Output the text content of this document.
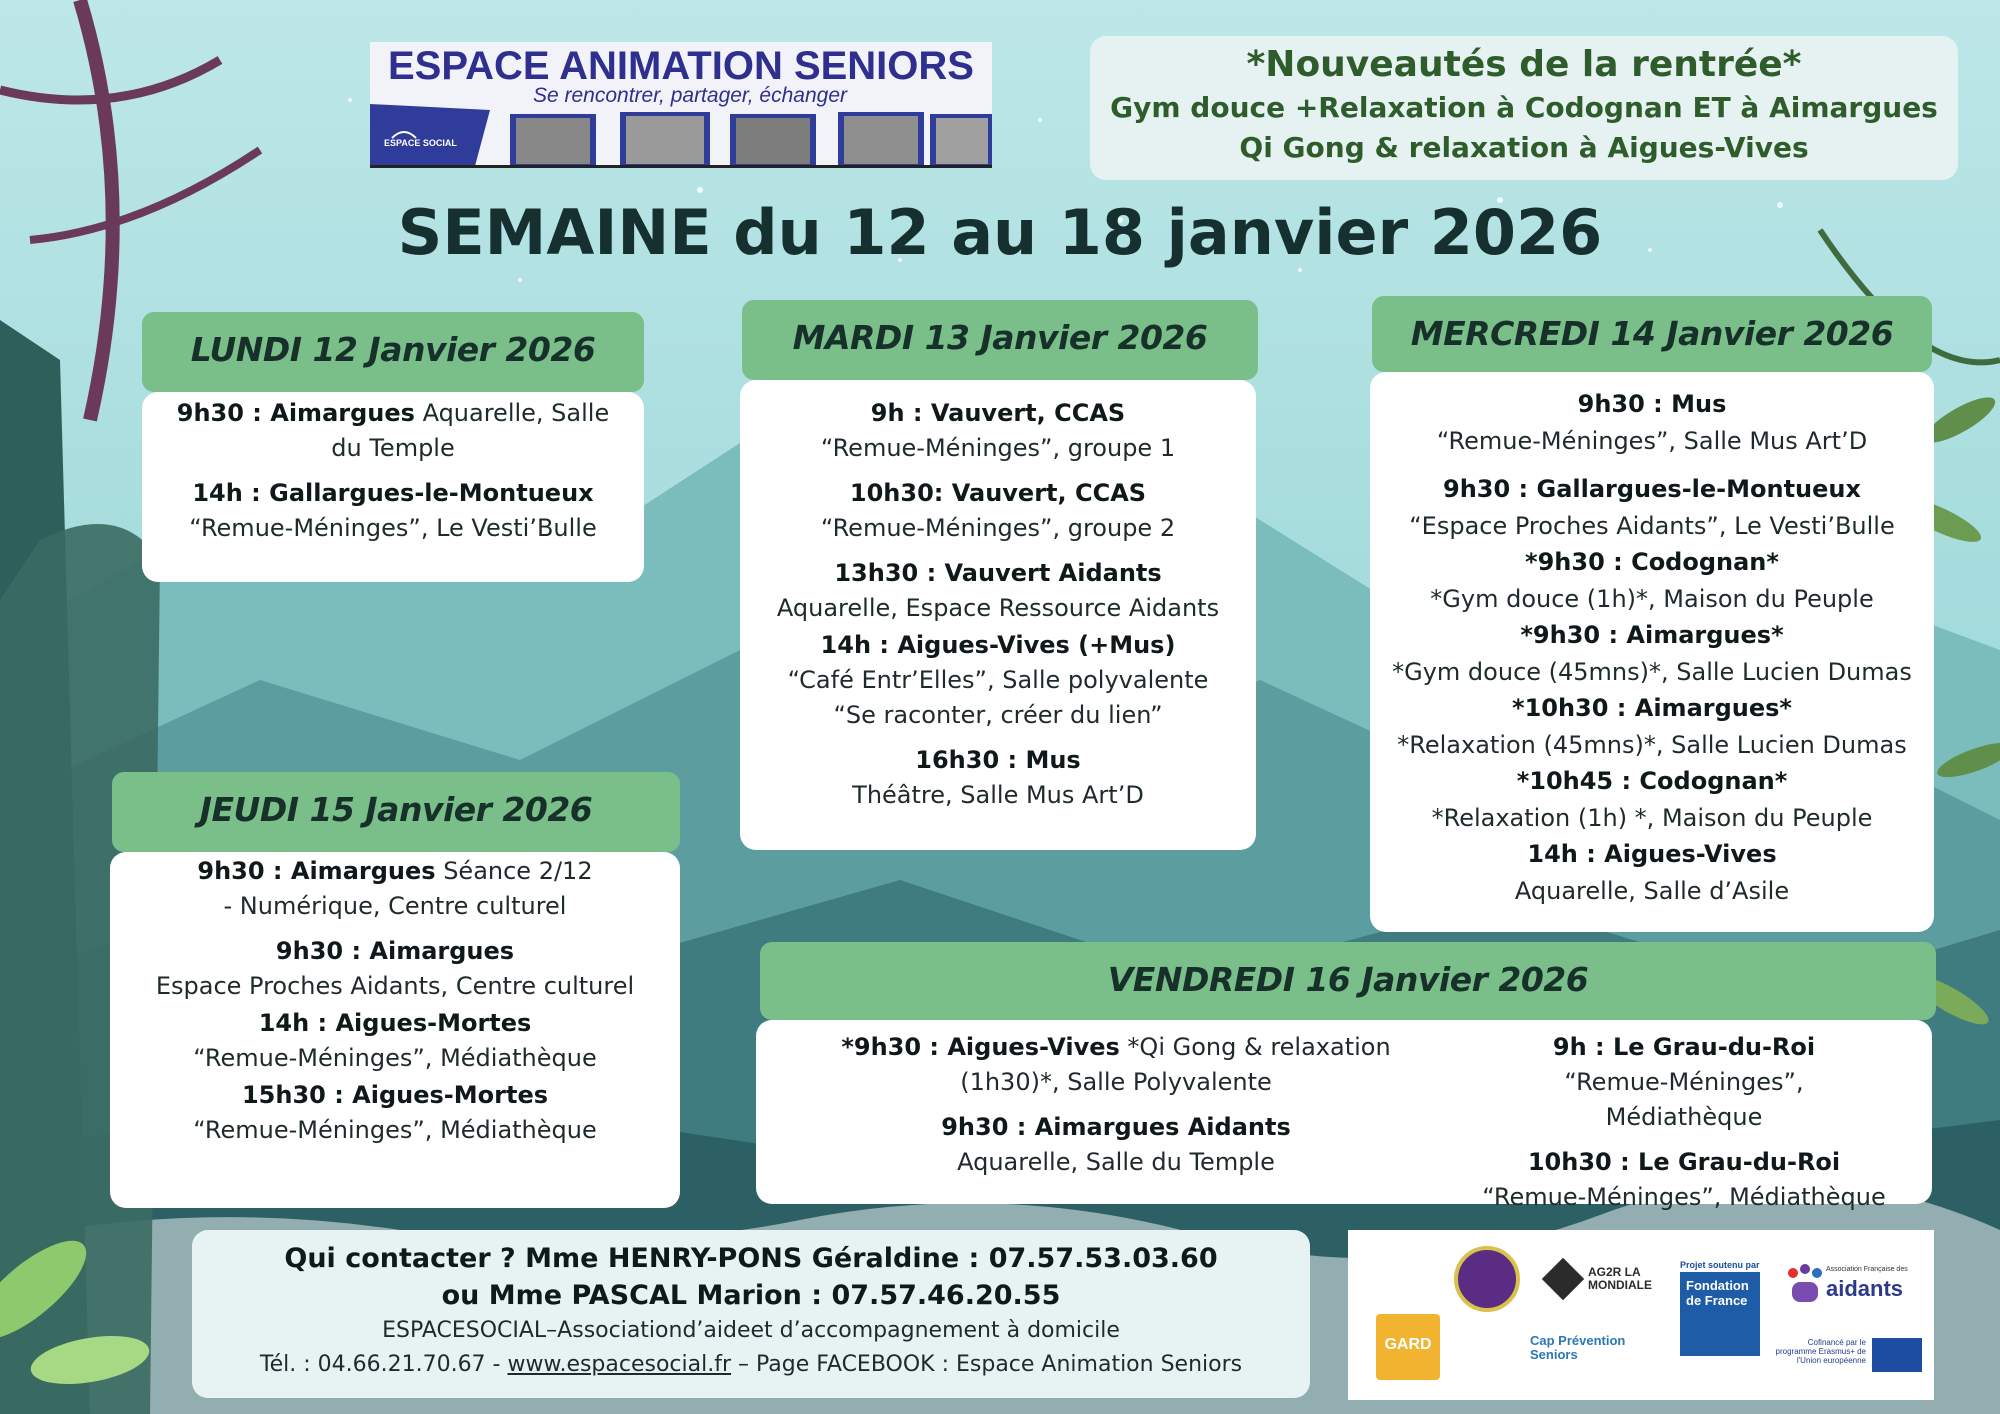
ESPACE ANIMATION SENIORS
Se rencontrer, partager, échanger
ESPACE SOCIAL
*Nouveautés de la rentrée*
Gym douce +Relaxation à Codognan ET à Aimargues
Qi Gong & relaxation à Aigues-Vives
SEMAINE du 12 au 18 janvier 2026
LUNDI 12 Janvier 2026
9h30 : Aimargues Aquarelle, Salle du Temple
14h : Gallargues-le-Montueux
“Remue-Méninges”, Le Vesti’Bulle
MARDI 13 Janvier 2026
9h : Vauvert, CCAS
“Remue-Méninges”, groupe 1
10h30: Vauvert, CCAS
“Remue-Méninges”, groupe 2
13h30 : Vauvert Aidants
Aquarelle, Espace Ressource Aidants
14h : Aigues-Vives (+Mus)
“Café Entr’Elles”, Salle polyvalente
“Se raconter, créer du lien”
16h30 : Mus
Théâtre, Salle Mus Art’D
MERCREDI 14 Janvier 2026
9h30 : Mus
“Remue-Méninges”, Salle Mus Art’D
9h30 : Gallargues-le-Montueux
“Espace Proches Aidants”, Le Vesti’Bulle
*9h30 : Codognan*
*Gym douce (1h)*, Maison du Peuple
*9h30 : Aimargues*
*Gym douce (45mns)*, Salle Lucien Dumas
*10h30 : Aimargues*
*Relaxation (45mns)*, Salle Lucien Dumas
*10h45 : Codognan*
*Relaxation (1h) *, Maison du Peuple
14h : Aigues-Vives
Aquarelle, Salle d’Asile
JEUDI 15 Janvier 2026
9h30 : Aimargues Séance 2/12 - Numérique, Centre culturel
9h30 : Aimargues
Espace Proches Aidants, Centre culturel
14h : Aigues-Mortes
“Remue-Méninges”, Médiathèque
15h30 : Aigues-Mortes
“Remue-Méninges”, Médiathèque
VENDREDI 16 Janvier 2026
*9h30 : Aigues-Vives *Qi Gong & relaxation (1h30)*, Salle Polyvalente
9h30 : Aimargues Aidants
Aquarelle, Salle du Temple
9h : Le Grau-du-Roi “Remue-Méninges”, Médiathèque
10h30 : Le Grau-du-Roi
“Remue-Méninges”, Médiathèque
Qui contacter ? Mme HENRY-PONS Géraldine : 07.57.53.03.60
ou Mme PASCAL Marion : 07.57.46.20.55
ESPACESOCIAL–Associationd’aideet d’accompagnement à domicile
Tél. : 04.66.21.70.67 - www.espacesocial.fr – Page FACEBOOK : Espace Animation Seniors
GARD
AG2R LA MONDIALE
Cap Prévention Seniors
Projet soutenu par
Fondation de France
Association Française des
aidants
Cofinancé par le programme Erasmus+ de l'Union européenne
